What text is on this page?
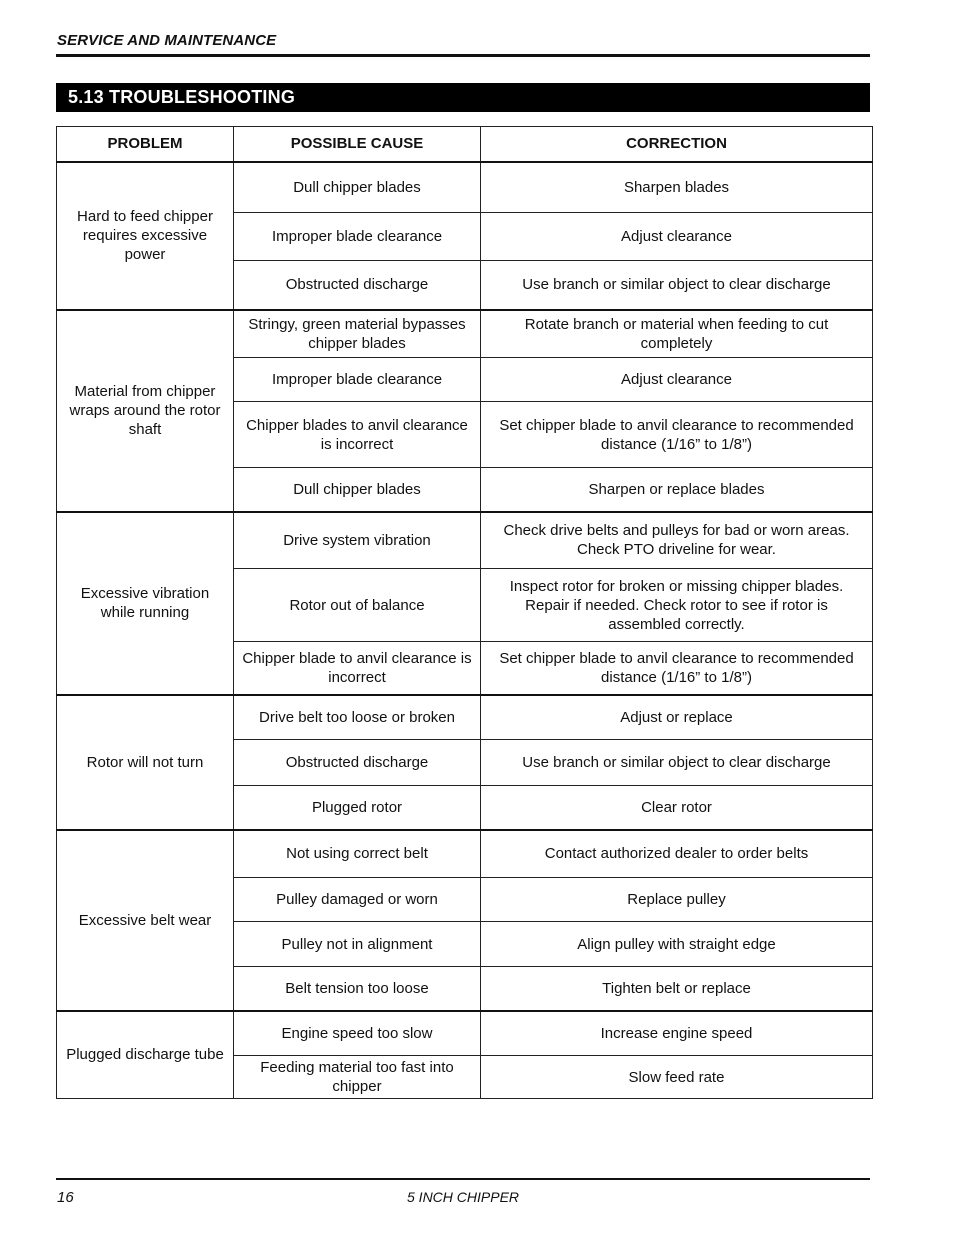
SERVICE AND MAINTENANCE
5.13 TROUBLESHOOTING
PROBLEM	POSSIBLE CAUSE	CORRECTION
Hard to feed chipper requires excessive power	Dull chipper blades	Sharpen blades
	Improper blade clearance	Adjust clearance
	Obstructed discharge	Use branch or similar object to clear discharge
Material from chipper wraps around the rotor shaft	Stringy, green material bypasses chipper blades	Rotate branch or material when feeding to cut completely
	Improper blade clearance	Adjust clearance
	Chipper blades to anvil clearance is incorrect	Set chipper blade to anvil clearance to recommended distance (1/16” to 1/8”)
	Dull chipper blades	Sharpen or replace blades
Excessive vibration while running	Drive system vibration	Check drive belts and pulleys for bad or worn areas. Check PTO driveline for wear.
	Rotor out of balance	Inspect rotor for broken or missing chipper blades. Repair if needed. Check rotor to see if rotor is assembled correctly.
	Chipper blade to anvil clearance is incorrect	Set chipper blade to anvil clearance to recommended distance (1/16” to 1/8”)
Rotor will not turn	Drive belt too loose or broken	Adjust or replace
	Obstructed discharge	Use branch or similar object to clear discharge
	Plugged rotor	Clear rotor
Excessive belt wear	Not using correct belt	Contact authorized dealer to order belts
	Pulley damaged or worn	Replace pulley
	Pulley not in alignment	Align pulley with straight edge
	Belt tension too loose	Tighten belt or replace
Plugged discharge tube	Engine speed too slow	Increase engine speed
	Feeding material too fast into chipper	Slow feed rate
16	5 INCH CHIPPER
